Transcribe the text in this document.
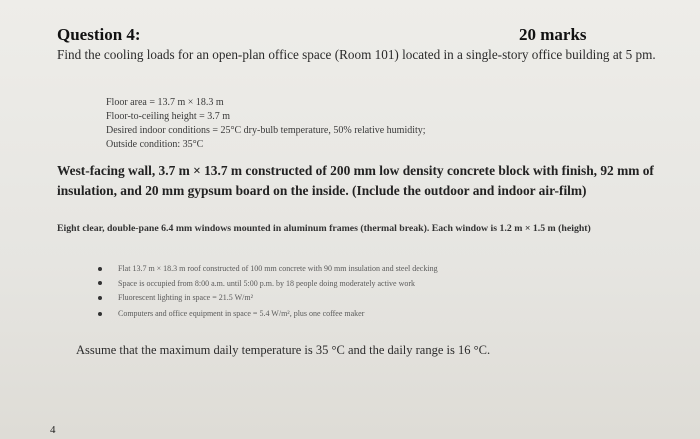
Question 4:	20 marks
Find the cooling loads for an open-plan office space (Room 101) located in a single-story office building at 5 pm.
Floor area = 13.7 m × 18.3 m
Floor-to-ceiling height = 3.7 m
Desired indoor conditions = 25°C dry-bulb temperature, 50% relative humidity;
Outside condition: 35°C
West-facing wall, 3.7 m × 13.7 m constructed of 200 mm low density concrete block with finish, 92 mm of insulation, and 20 mm gypsum board on the inside. (Include the outdoor and indoor air-film)
Eight clear, double-pane 6.4 mm windows mounted in aluminum frames (thermal break). Each window is 1.2 m × 1.5 m (height)
Flat 13.7 m × 18.3 m roof constructed of 100 mm concrete with 90 mm insulation and steel decking
Space is occupied from 8:00 a.m. until 5:00 p.m. by 18 people doing moderately active work
Fluorescent lighting in space = 21.5 W/m²
Computers and office equipment in space = 5.4 W/m², plus one coffee maker
Assume that the maximum daily temperature is 35 °C and the daily range is 16 °C.
4
